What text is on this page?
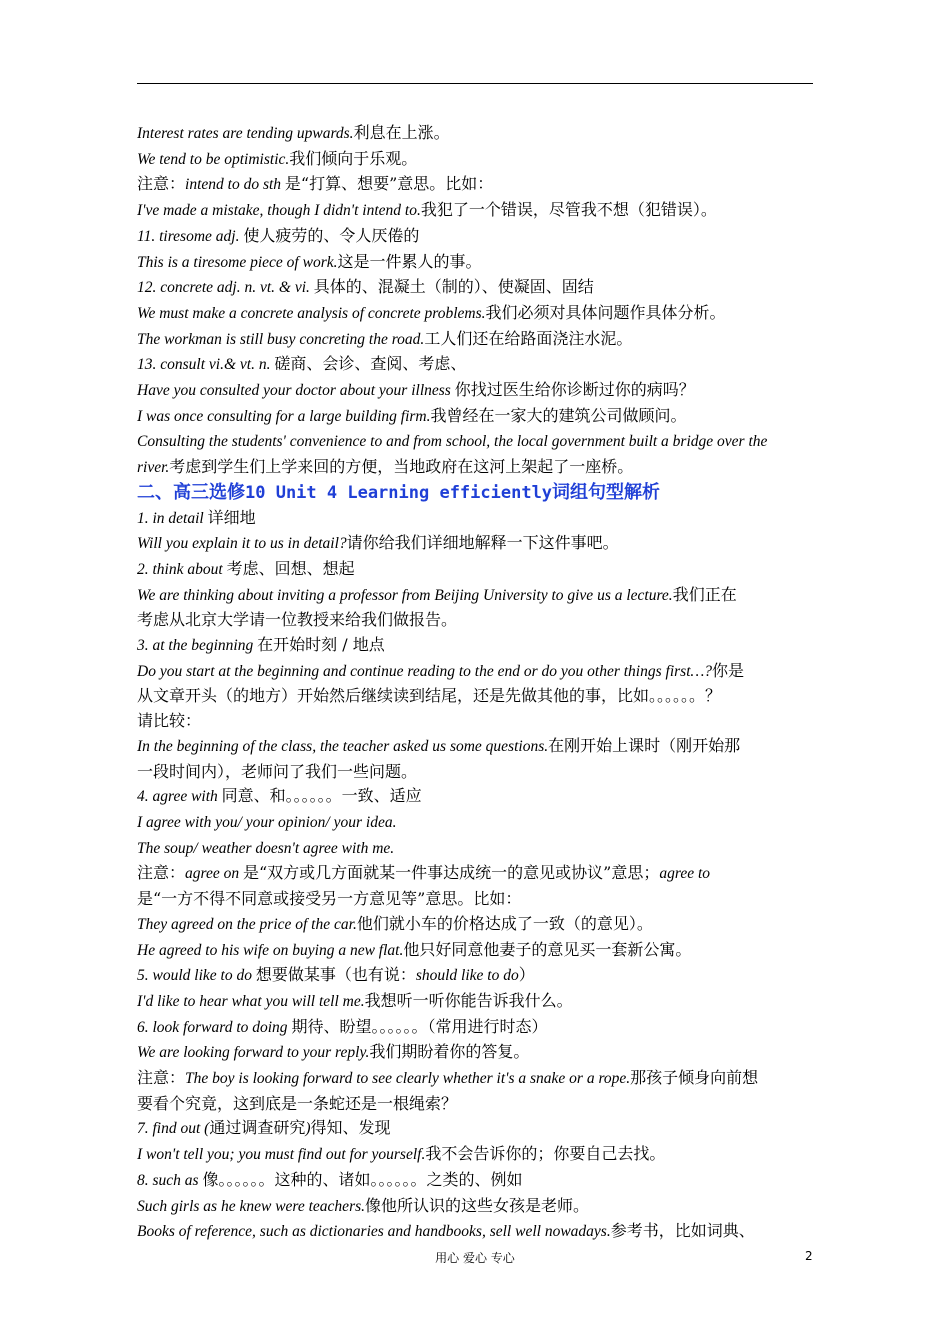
Interest rates are tending upwards.利息在上涨。
We tend to be optimistic.我们倾向于乐观。
注意：intend to do sth 是“打算、想要”意思。比如：
I've made a mistake, though I didn't intend to.我犯了一个错误，尽管我不想（犯错误）。
11. tiresome adj. 使人疲劳的、令人厌倦的
This is a tiresome piece of work.这是一件累人的事。
12. concrete adj. n. vt. & vi. 具体的、混凝土（制的）、使凝固、固结
We must make a concrete analysis of concrete problems.我们必须对具体问题作具体分析。
The workman is still busy concreting the road.工人们还在给路面浇注水泥。
13. consult vi.& vt. n. 磋商、会诊、查阅、考虑、
Have you consulted your doctor about your illness 你找过医生给你诊断过你的病吗？
I was once consulting for a large building firm.我曾经在一家大的建筑公司做顾问。
Consulting the students' convenience to and from school, the local government built a bridge over the
river.考虑到学生们上学来回的方便，当地政府在这河上架起了一座桥。
二、高三选修10 Unit 4 Learning efficiently词组句型解析
1. in detail 详细地
Will you explain it to us in detail?请你给我们详细地解释一下这件事吧。
2. think about 考虑、回想、想起
We are thinking about inviting a professor from Beijing University to give us a lecture.我们正在
考虑从北京大学请一位教授来给我们做报告。
3. at the beginning 在开始时刻 / 地点
Do you start at the beginning and continue reading to the end or do you other things first…?你是
从文章开头（的地方）开始然后继续读到结尾，还是先做其他的事，比如。。。。。。？
请比较：
In the beginning of the class, the teacher asked us some questions.在刚开始上课时（刚开始那
一段时间内），老师问了我们一些问题。
4. agree with 同意、和。。。。。。一致、适应
I agree with you/ your opinion/ your idea.
The soup/ weather doesn't agree with me.
注意：agree on 是“双方或几方面就某一件事达成统一的意见或协议”意思；agree to
是“一方不得不同意或接受另一方意见等”意思。比如：
They agreed on the price of the car.他们就小车的价格达成了一致（的意见）。
He agreed to his wife on buying a new flat.他只好同意他妻子的意见买一套新公寓。
5. would like to do 想要做某事（也有说：should like to do）
I'd like to hear what you will tell me.我想听一听你能告诉我什么。
6. look forward to doing 期待、盼望。。。。。。（常用进行时态）
We are looking forward to your reply.我们期盼着你的答复。
注意：The boy is looking forward to see clearly whether it's a snake or a rope.那孩子倾身向前想
要看个究竟，这到底是一条蛇还是一根绳索？
7. find out (通过调查研究)得知、发现
I won't tell you; you must find out for yourself.我不会告诉你的；你要自己去找。
8. such as 像。。。。。。这种的、诸如。。。。。。之类的、例如
Such girls as he knew were teachers.像他所认识的这些女孩是老师。
Books of reference, such as dictionaries and handbooks, sell well nowadays.参考书，比如词典、
用心 爱心 专心	2
